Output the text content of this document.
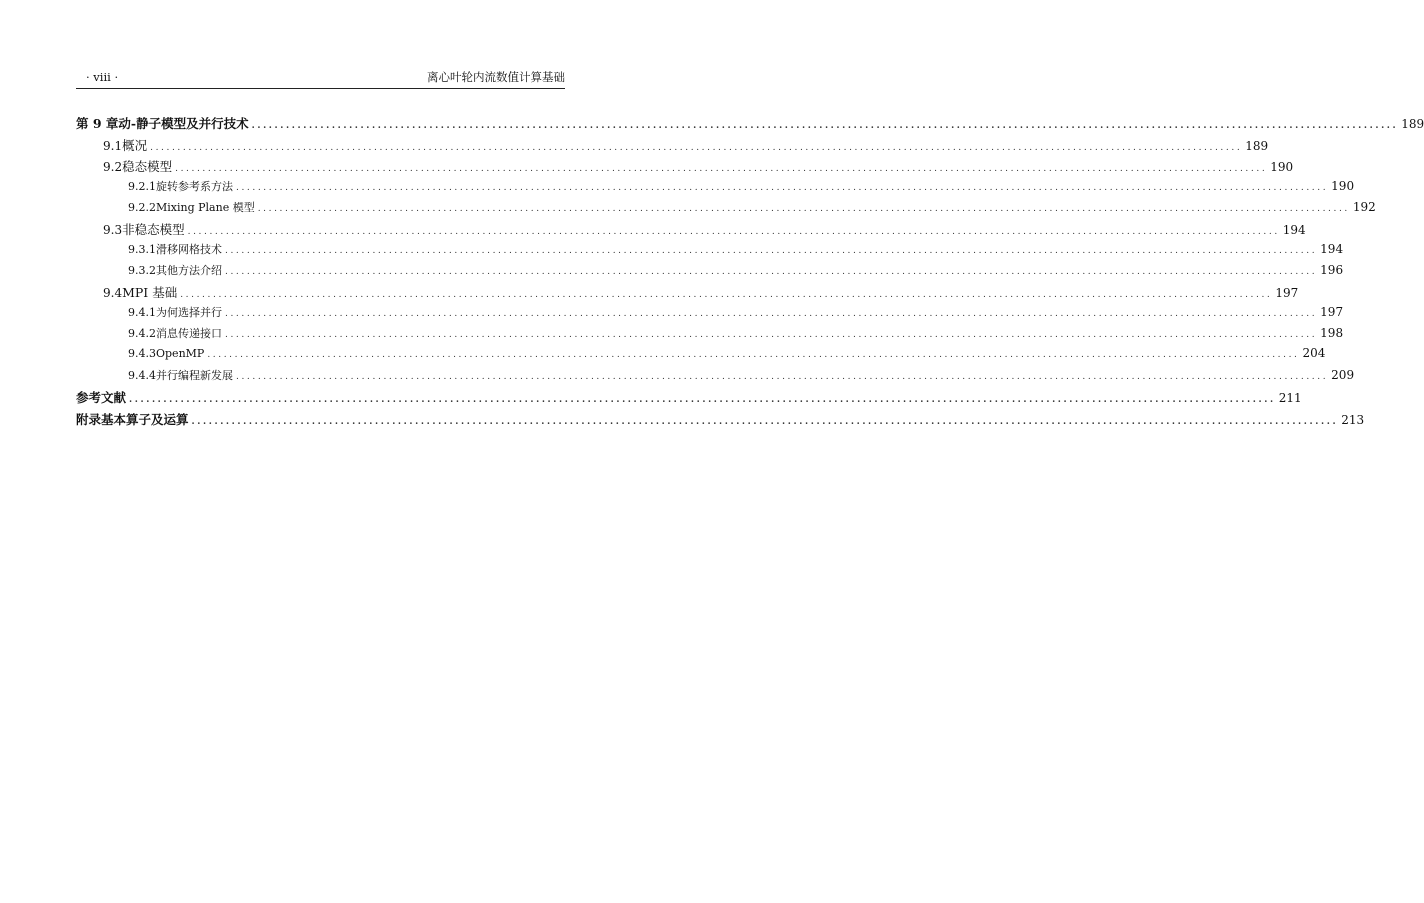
· viii ·	离心叶轮内流数值计算基础
第 9 章 动-静子模型及并行技术 ........................................................................................................................................................................................................ 189
9.1 概况 ........................................................................................................................................................................................................ 189
9.2 稳态模型 ........................................................................................................................................................................................................ 190
9.2.1 旋转参考系方法 ........................................................................................................................................................................................................ 190
9.2.2 Mixing Plane 模型 ........................................................................................................................................................................................................ 192
9.3 非稳态模型 ........................................................................................................................................................................................................ 194
9.3.1 滑移网格技术 ........................................................................................................................................................................................................ 194
9.3.2 其他方法介绍 ........................................................................................................................................................................................................ 196
9.4 MPI 基础 ........................................................................................................................................................................................................ 197
9.4.1 为何选择并行 ........................................................................................................................................................................................................ 197
9.4.2 消息传递接口 ........................................................................................................................................................................................................ 198
9.4.3 OpenMP ........................................................................................................................................................................................................ 204
9.4.4 并行编程新发展 ........................................................................................................................................................................................................ 209
参考文献 ........................................................................................................................................................................................................ 211
附录 基本算子及运算 ........................................................................................................................................................................................................ 213
